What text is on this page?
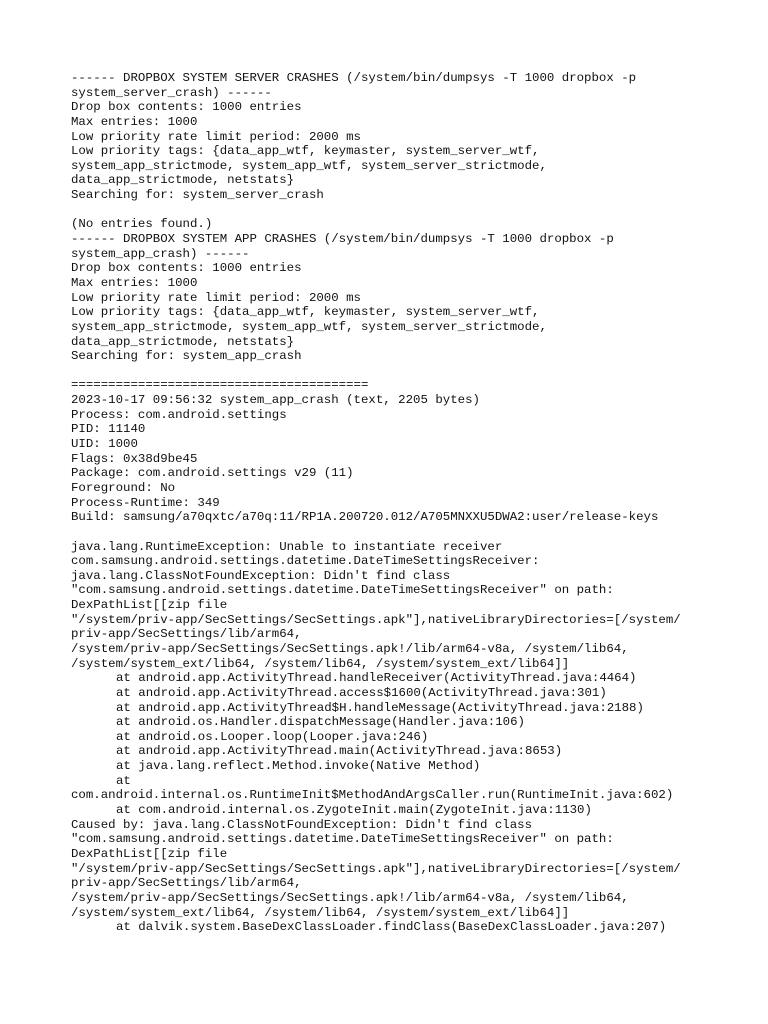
------ DROPBOX SYSTEM SERVER CRASHES (/system/bin/dumpsys -T 1000 dropbox -p
system_server_crash) ------
Drop box contents: 1000 entries
Max entries: 1000
Low priority rate limit period: 2000 ms
Low priority tags: {data_app_wtf, keymaster, system_server_wtf,
system_app_strictmode, system_app_wtf, system_server_strictmode,
data_app_strictmode, netstats}
Searching for: system_server_crash
(No entries found.)
------ DROPBOX SYSTEM APP CRASHES (/system/bin/dumpsys -T 1000 dropbox -p
system_app_crash) ------
Drop box contents: 1000 entries
Max entries: 1000
Low priority rate limit period: 2000 ms
Low priority tags: {data_app_wtf, keymaster, system_server_wtf,
system_app_strictmode, system_app_wtf, system_server_strictmode,
data_app_strictmode, netstats}
Searching for: system_app_crash
========================================
2023-10-17 09:56:32 system_app_crash (text, 2205 bytes)
Process: com.android.settings
PID: 11140
UID: 1000
Flags: 0x38d9be45
Package: com.android.settings v29 (11)
Foreground: No
Process-Runtime: 349
Build: samsung/a70qxtc/a70q:11/RP1A.200720.012/A705MNXXU5DWA2:user/release-keys
java.lang.RuntimeException: Unable to instantiate receiver
com.samsung.android.settings.datetime.DateTimeSettingsReceiver:
java.lang.ClassNotFoundException: Didn't find class
"com.samsung.android.settings.datetime.DateTimeSettingsReceiver" on path:
DexPathList[[zip file
"/system/priv-app/SecSettings/SecSettings.apk"],nativeLibraryDirectories=[/system/
priv-app/SecSettings/lib/arm64,
/system/priv-app/SecSettings/SecSettings.apk!/lib/arm64-v8a, /system/lib64,
/system/system_ext/lib64, /system/lib64, /system/system_ext/lib64]]
at android.app.ActivityThread.handleReceiver(ActivityThread.java:4464)
at android.app.ActivityThread.access$1600(ActivityThread.java:301)
at android.app.ActivityThread$H.handleMessage(ActivityThread.java:2188)
at android.os.Handler.dispatchMessage(Handler.java:106)
at android.os.Looper.loop(Looper.java:246)
at android.app.ActivityThread.main(ActivityThread.java:8653)
at java.lang.reflect.Method.invoke(Native Method)
at
com.android.internal.os.RuntimeInit$MethodAndArgsCaller.run(RuntimeInit.java:602)
at com.android.internal.os.ZygoteInit.main(ZygoteInit.java:1130)
Caused by: java.lang.ClassNotFoundException: Didn't find class
"com.samsung.android.settings.datetime.DateTimeSettingsReceiver" on path:
DexPathList[[zip file
"/system/priv-app/SecSettings/SecSettings.apk"],nativeLibraryDirectories=[/system/
priv-app/SecSettings/lib/arm64,
/system/priv-app/SecSettings/SecSettings.apk!/lib/arm64-v8a, /system/lib64,
/system/system_ext/lib64, /system/lib64, /system/system_ext/lib64]]
at dalvik.system.BaseDexClassLoader.findClass(BaseDexClassLoader.java:207)
